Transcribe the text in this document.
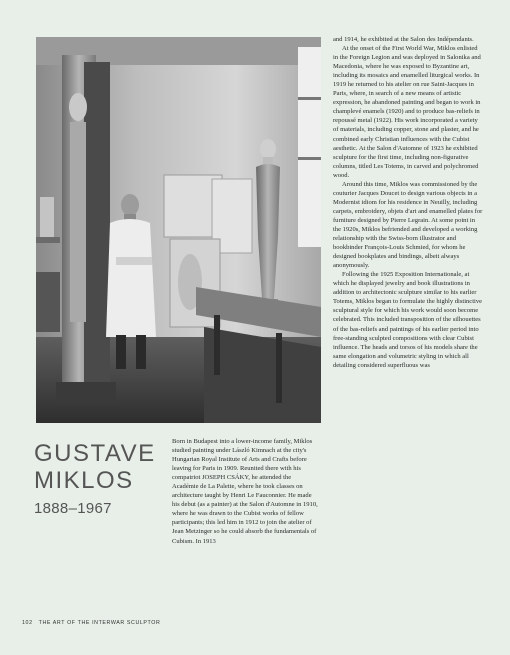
and 1914, he exhibited at the Salon des Indépendants.

At the onset of the First World War, Miklos enlisted in the Foreign Legion and was deployed in Salonika and Macedonia, where he was exposed to Byzantine art, including its mosaics and enamelled liturgical works. In 1919 he returned to his atelier on rue Saint-Jacques in Paris, where, in search of a new means of artistic expression, he abandoned painting and began to work in champlevé enamels (1920) and to produce bas-reliefs in repoussé metal (1922). His work incorporated a variety of materials, including copper, stone and plaster, and he combined early Christian influences with the Cubist aesthetic. At the Salon d'Automne of 1923 he exhibited sculpture for the first time, including non-figurative columns, titled Les Totems, in carved and polychromed wood.

Around this time, Miklos was commissioned by the couturier Jacques Doucet to design various objects in a Modernist idiom for his residence in Neuilly, including carpets, embroidery, objets d'art and enamelled plates for furniture designed by Pierre Legrain. At some point in the 1920s, Miklos befriended and developed a working relationship with the Swiss-born illustrator and bookbinder François-Louis Schmied, for whom he designed bookplates and bindings, albeit always anonymously.

Following the 1925 Exposition Internationale, at which he displayed jewelry and book illustrations in addition to architectonic sculpture similar to his earlier Totems, Miklos began to formulate the highly distinctive sculptural style for which his work would soon become celebrated. This included transposition of the silhouettes of the bas-reliefs and paintings of his earlier period into free-standing sculpted compositions with clear Cubist influence. The heads and torsos of his models share the same elongation and volumetric styling in which all detailing considered superfluous was

GUSTAVE
MIKLOS
1888–1967

Born in Budapest into a lower-income family, Miklos studied painting under László Kimnach at the city's Hungarian Royal Institute of Arts and Crafts before leaving for Paris in 1909. Reunited there with his compatriot JOSEPH CSÁKY, he attended the Académie de La Palette, where he took classes on architecture taught by Henri Le Fauconnier. He made his debut (as a painter) at the Salon d'Automne in 1910, where he was drawn to the Cubist works of fellow participants; this led him in 1912 to join the atelier of Jean Metzinger so he could absorb the fundamentals of Cubism. In 1913

102 THE ART OF THE INTERWAR SCULPTOR
